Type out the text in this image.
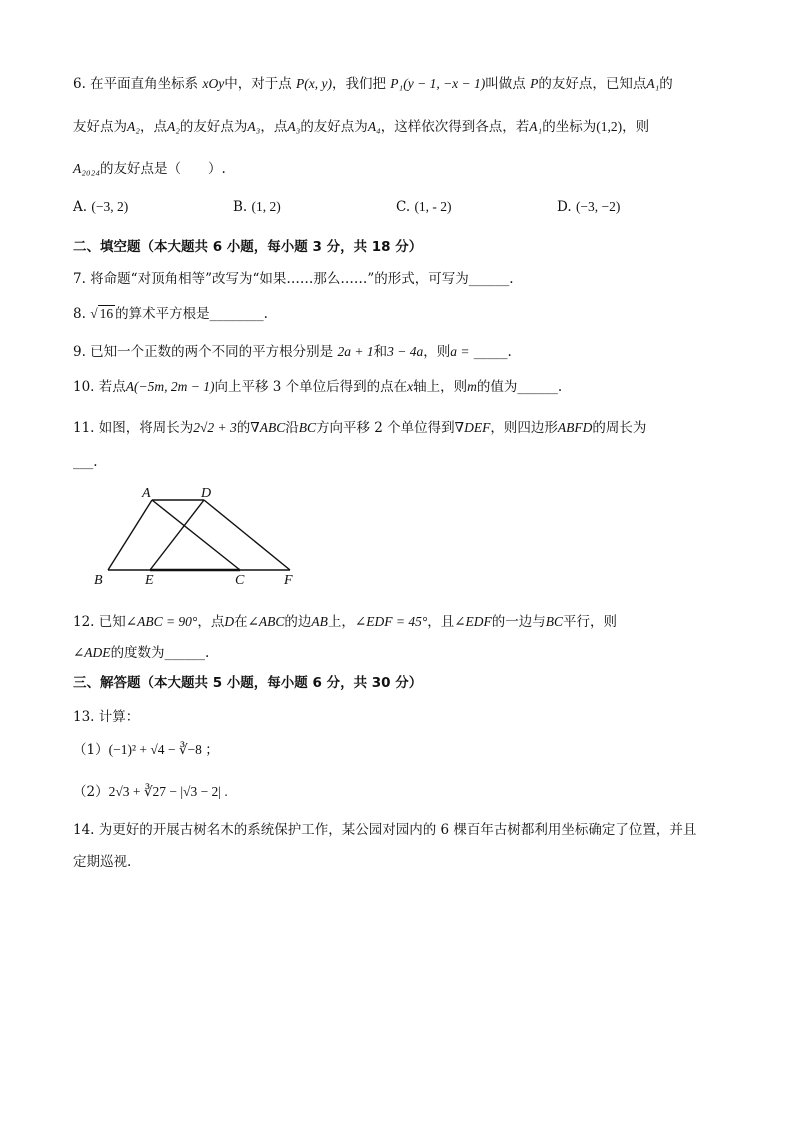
6. 在平面直角坐标系 xOy中，对于点 P(x, y)，我们把 P₁(y − 1, −x − 1)叫做点 P的友好点，已知点A₁的
友好点为A₂，点A₂的友好点为A₃，点A₃的友好点为A₄，这样依次得到各点，若A₁的坐标为(1,2)，则
A₂₀₂₄的友好点是（　　）.
A. (−3, 2)	B. (1, 2)	C. (1, - 2)	D. (−3, −2)
二、填空题（本大题共 6 小题，每小题 3 分，共 18 分）
7. 将命题“对顶角相等”改写为“如果……那么……”的形式，可写为______.
8. √ 16 的算术平方根是________.
9. 已知一个正数的两个不同的平方根分别是 2a + 1和3 − 4a，则a = _____.
10. 若点A(−5m, 2m − 1)向上平移 3 个单位后得到的点在x轴上，则m的值为______.
11. 如图，将周长为2√2 + 3的∇ABC沿BC方向平移 2 个单位得到∇DEF，则四边形ABFD的周长为
___.
A	D
B	E	C	F
12. 已知∠ABC = 90°，点D在∠ABC的边AB上，∠EDF = 45°，且∠EDF的一边与BC平行，则
∠ADE的度数为______.
三、解答题（本大题共 5 小题，每小题 6 分，共 30 分）
13. 计算：
（1）(−1)² + √4 − ∛−8 ；
（2）2√3 + ∛27 − |√3 − 2| .
14. 为更好的开展古树名木的系统保护工作，某公园对园内的 6 棵百年古树都利用坐标确定了位置，并且
定期巡视.
